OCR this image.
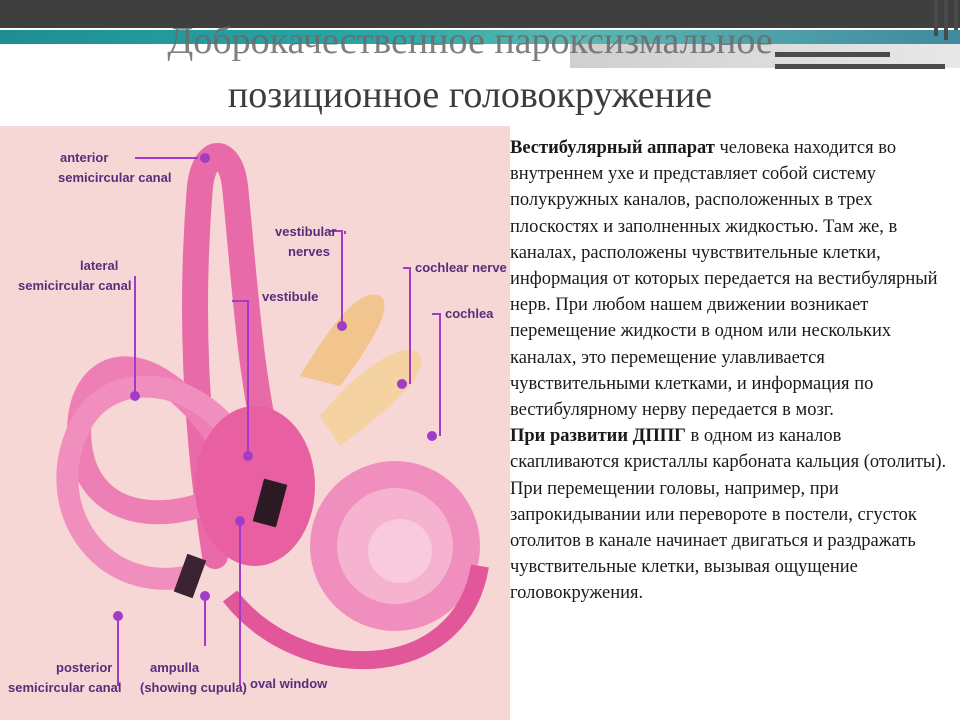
Доброкачественное пароксизмальное
позиционное головокружение
anterior
semicircular canal
lateral
semicircular canal
vestibular
nerves
vestibule
cochlear nerve
cochlea
posterior
semicircular canal
ampulla
(showing cupula) oval window

Вестибулярный аппарат человека находится во внутреннем ухе и представляет собой систему полукружных каналов, расположенных в трех плоскостях и заполненных жидкостью. Там же, в каналах, расположены чувствительные клетки, информация от которых передается на вестибулярный нерв. При любом нашем движении возникает перемещение жидкости в одном или нескольких каналах, это перемещение улавливается чувствительными клетками, и информация по вестибулярному нерву передается в мозг.

При развитии ДППГ в одном из каналов скапливаются кристаллы карбоната кальция (отолиты). При перемещении головы, например, при запрокидывании или перевороте в постели, сгусток отолитов в канале начинает двигаться и раздражать чувствительные клетки, вызывая ощущение головокружения.
